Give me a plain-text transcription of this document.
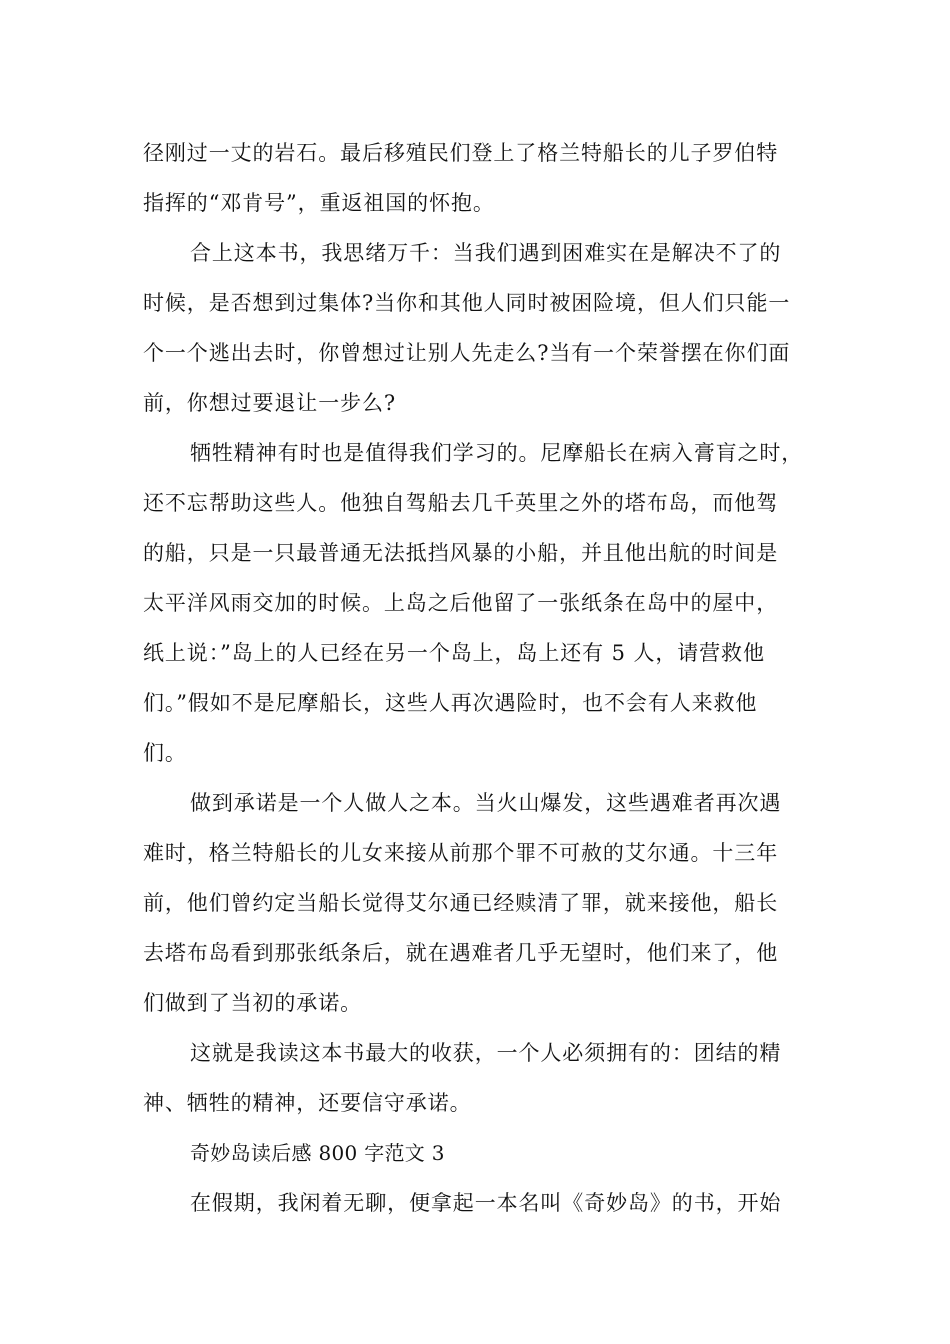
径刚过一丈的岩石。最后移殖民们登上了格兰特船长的儿子罗伯特
指挥的“邓肯号”，重返祖国的怀抱。
合上这本书，我思绪万千：当我们遇到困难实在是解决不了的
时候，是否想到过集体?当你和其他人同时被困险境，但人们只能一
个一个逃出去时，你曾想过让别人先走么?当有一个荣誉摆在你们面
前，你想过要退让一步么?
牺牲精神有时也是值得我们学习的。尼摩船长在病入膏肓之时，
还不忘帮助这些人。他独自驾船去几千英里之外的塔布岛，而他驾
的船，只是一只最普通无法抵挡风暴的小船，并且他出航的时间是
太平洋风雨交加的时候。上岛之后他留了一张纸条在岛中的屋中，
纸上说：”岛上的人已经在另一个岛上，岛上还有 5 人，请营救他
们。”假如不是尼摩船长，这些人再次遇险时，也不会有人来救他
们。
做到承诺是一个人做人之本。当火山爆发，这些遇难者再次遇
难时，格兰特船长的儿女来接从前那个罪不可赦的艾尔通。十三年
前，他们曾约定当船长觉得艾尔通已经赎清了罪，就来接他，船长
去塔布岛看到那张纸条后，就在遇难者几乎无望时，他们来了，他
们做到了当初的承诺。
这就是我读这本书最大的收获，一个人必须拥有的：团结的精
神、牺牲的精神，还要信守承诺。
奇妙岛读后感 800 字范文 3
在假期，我闲着无聊，便拿起一本名叫《奇妙岛》的书，开始
